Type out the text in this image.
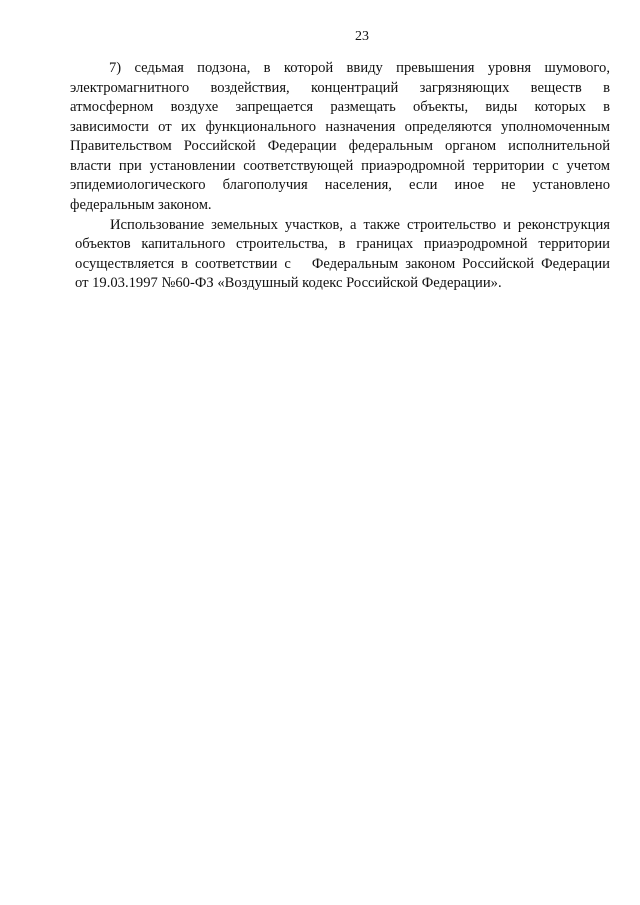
23
7) седьмая подзона, в которой ввиду превышения уровня шумового,
электромагнитного воздействия, концентраций загрязняющих веществ в
атмосферном воздухе запрещается размещать объекты, виды которых в
зависимости от их функционального назначения определяются уполномоченным
Правительством Российской Федерации федеральным органом исполнительной
власти при установлении соответствующей приаэродромной территории с учетом
эпидемиологического благополучия населения, если иное не установлено
федеральным законом.
Использование земельных участков, а также строительство и реконструкция
объектов капитального строительства, в границах приаэродромной территории
осуществляется в соответствии с   Федеральным законом Российской Федерации
от 19.03.1997 №60-ФЗ «Воздушный кодекс Российской Федерации».
